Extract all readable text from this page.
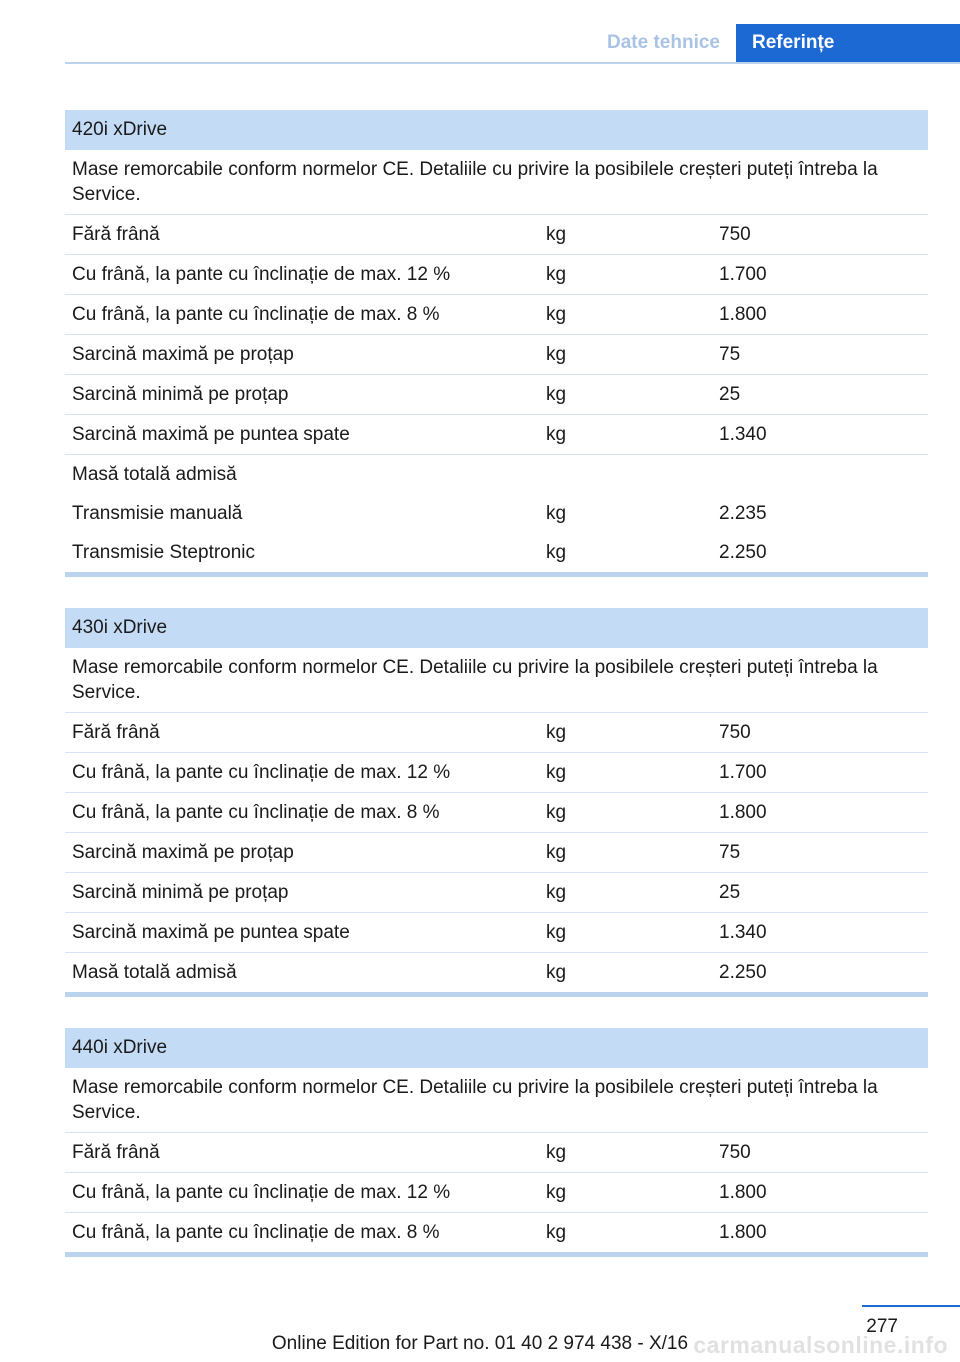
Date tehnice	Referințe
420i xDrive
Mase remorcabile conform normelor CE. Detaliile cu privire la posibilele creșteri puteți întreba la Service.
Fără frână	kg	750
Cu frână, la pante cu înclinație de max. 12 %	kg	1.700
Cu frână, la pante cu înclinație de max. 8 %	kg	1.800
Sarcină maximă pe proțap	kg	75
Sarcină minimă pe proțap	kg	25
Sarcină maximă pe puntea spate	kg	1.340
Masă totală admisă
Transmisie manuală	kg	2.235
Transmisie Steptronic	kg	2.250
430i xDrive
Mase remorcabile conform normelor CE. Detaliile cu privire la posibilele creșteri puteți întreba la Service.
Fără frână	kg	750
Cu frână, la pante cu înclinație de max. 12 %	kg	1.700
Cu frână, la pante cu înclinație de max. 8 %	kg	1.800
Sarcină maximă pe proțap	kg	75
Sarcină minimă pe proțap	kg	25
Sarcină maximă pe puntea spate	kg	1.340
Masă totală admisă	kg	2.250
440i xDrive
Mase remorcabile conform normelor CE. Detaliile cu privire la posibilele creșteri puteți întreba la Service.
Fără frână	kg	750
Cu frână, la pante cu înclinație de max. 12 %	kg	1.800
Cu frână, la pante cu înclinație de max. 8 %	kg	1.800
277
Online Edition for Part no. 01 40 2 974 438 - X/16 carmanualsonline.info
